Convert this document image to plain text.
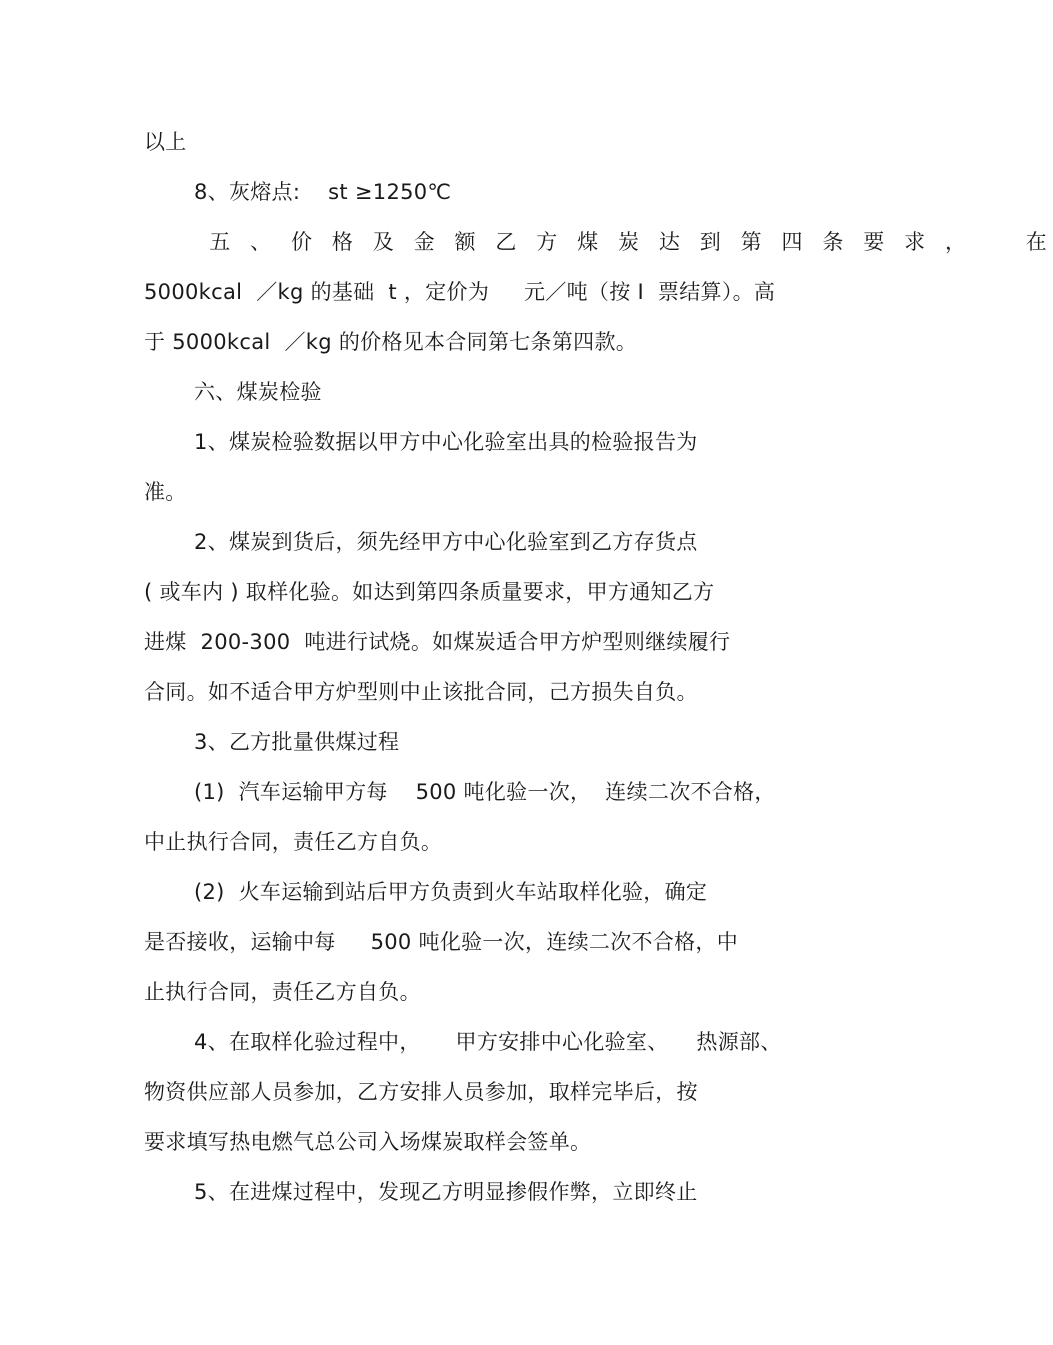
以上
8、灰熔点:    st ≥1250℃
五 、 价 格 及 金 额 乙 方 煤 炭 达 到 第 四 条 要 求 ，    在
5000kcal  ／kg 的基础  t ，定价为     元／吨（按 I  票结算）。高
于 5000kcal  ／kg 的价格见本合同第七条第四款。
六、煤炭检验
1、煤炭检验数据以甲方中心化验室出具的检验报告为
准。
2、煤炭到货后，须先经甲方中心化验室到乙方存货点
( 或车内 ) 取样化验。如达到第四条质量要求，甲方通知乙方
进煤  200-300  吨进行试烧。如煤炭适合甲方炉型则继续履行
合同。如不适合甲方炉型则中止该批合同，己方损失自负。
3、乙方批量供煤过程
(1)  汽车运输甲方每    500 吨化验一次，  连续二次不合格，
中止执行合同，责任乙方自负。
(2)  火车运输到站后甲方负责到火车站取样化验，确定
是否接收，运输中每     500 吨化验一次，连续二次不合格，中
止执行合同，责任乙方自负。
4、在取样化验过程中，     甲方安排中心化验室、    热源部、
物资供应部人员参加，乙方安排人员参加，取样完毕后，按
要求填写热电燃气总公司入场煤炭取样会签单。
5、在进煤过程中，发现乙方明显掺假作弊，立即终止
